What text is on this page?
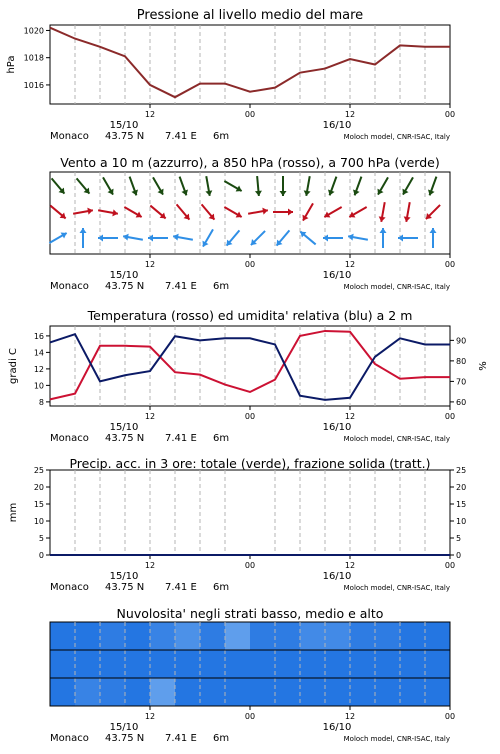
Pressione al livello medio del mare
12	00	12	00
15/10	16/10
Monaco 43.75 N 7.41 E 6m	Moloch model, CNR-ISAC, Italy
1016
1018
1020
hPa
Vento a 10 m (azzurro), a 850 hPa (rosso), a 700 hPa (verde)
12	00	12	00
15/10	16/10
Monaco 43.75 N 7.41 E 6m	Moloch model, CNR-ISAC, Italy
Temperatura (rosso) ed umidita' relativa (blu) a 2 m
12	00	12	00
15/10	16/10
Monaco 43.75 N 7.41 E 6m	Moloch model, CNR-ISAC, Italy
8
10
12
14
16
60
70
80
90
gradi C	%
Precip. acc. in 3 ore: totale (verde), frazione solida (tratt.)
12	00	12	00
15/10	16/10
Monaco 43.75 N 7.41 E 6m	Moloch model, CNR-ISAC, Italy
0	0
5	5
10	10
15	15
20	20
25	25
mm
Nuvolosita' negli strati basso, medio e alto
12	00	12	00
15/10	16/10
Monaco 43.75 N 7.41 E 6m	Moloch model, CNR-ISAC, Italy
